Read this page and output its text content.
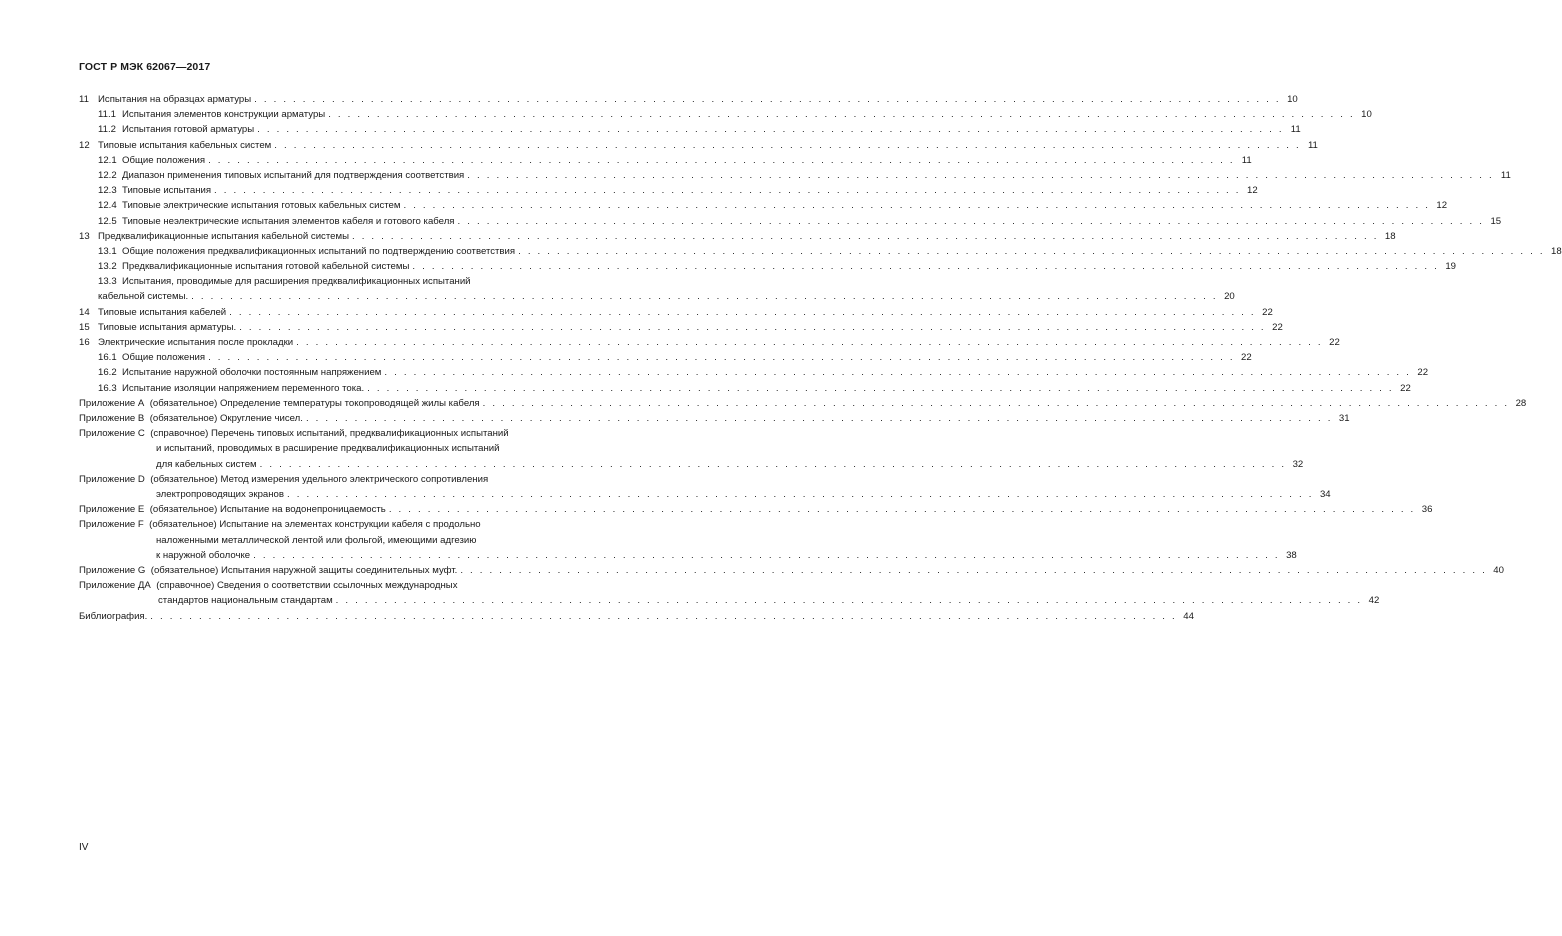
ГОСТ Р МЭК 62067—2017
11 Испытания на образцах арматуры . . . . . . . . . . . . . . . . . . . . . . . . . . . . . . . . . . . . . . . . . . . . . . . . . . . . . . . . . . . . . . . . . . . . . . . . . . . . . . . . . . . . . . . . . . . . . . . . . . . . . . . . . . 10
11.1 Испытания элементов конструкции арматуры . . . . . . . . . . . . . . . . . . . . . . . . . . . . . . . . . . . . . . . . . . . . . . . . . . . . . . . . . . . . . . . . . . . . . . . . . . . . . . . . . . . . . . . . . . . . . . . . . . . . . . . . . . 10
11.2 Испытания готовой арматуры . . . . . . . . . . . . . . . . . . . . . . . . . . . . . . . . . . . . . . . . . . . . . . . . . . . . . . . . . . . . . . . . . . . . . . . . . . . . . . . . . . . . . . . . . . . . . . . . . . . . . . . . . . 11
12 Типовые испытания кабельных систем . . . . . . . . . . . . . . . . . . . . . . . . . . . . . . . . . . . . . . . . . . . . . . . . . . . . . . . . . . . . . . . . . . . . . . . . . . . . . . . . . . . . . . . . . . . . . . . . . . . . . . . . . . 11
12.1 Общие положения . . . . . . . . . . . . . . . . . . . . . . . . . . . . . . . . . . . . . . . . . . . . . . . . . . . . . . . . . . . . . . . . . . . . . . . . . . . . . . . . . . . . . . . . . . . . . . . . . . . . . . . . . . 11
12.2 Диапазон применения типовых испытаний для подтверждения соответствия . . . . . . . . . . . . . . . . . . . . . . . . . . . . . . . . . . . . . . . . . . . . . . . . . . . . . . . . . . . . . . . . . . . . . . . . . . . . . . . . . . . . . . . . . . . . . . . . . . . . . . . . . . 11
12.3 Типовые испытания . . . . . . . . . . . . . . . . . . . . . . . . . . . . . . . . . . . . . . . . . . . . . . . . . . . . . . . . . . . . . . . . . . . . . . . . . . . . . . . . . . . . . . . . . . . . . . . . . . . . . . . . . . 12
12.4 Типовые электрические испытания готовых кабельных систем . . . . . . . . . . . . . . . . . . . . . . . . . . . . . . . . . . . . . . . . . . . . . . . . . . . . . . . . . . . . . . . . . . . . . . . . . . . . . . . . . . . . . . . . . . . . . . . . . . . . . . . . . . 12
12.5 Типовые неэлектрические испытания элементов кабеля и готового кабеля . . . . . . . . . . . . . . . . . . . . . . . . . . . . . . . . . . . . . . . . . . . . . . . . . . . . . . . . . . . . . . . . . . . . . . . . . . . . . . . . . . . . . . . . . . . . . . . . . . . . . . . . . . 15
13 Предквалификационные испытания кабельной системы . . . . . . . . . . . . . . . . . . . . . . . . . . . . . . . . . . . . . . . . . . . . . . . . . . . . . . . . . . . . . . . . . . . . . . . . . . . . . . . . . . . . . . . . . . . . . . . . . . . . . . . . . . 18
13.1 Общие положения предквалификационных испытаний по подтверждению соответствия . . . . . . . . . . . . . . . . . . . . . . . . . . . . . . . . . . . . . . . . . . . . . . . . . . . . . . . . . . . . . . . . . . . . . . . . . . . . . . . . . . . . . . . . . . . . . . . . . . . . . . . . . . 18
13.2 Предквалификационные испытания готовой кабельной системы . . . . . . . . . . . . . . . . . . . . . . . . . . . . . . . . . . . . . . . . . . . . . . . . . . . . . . . . . . . . . . . . . . . . . . . . . . . . . . . . . . . . . . . . . . . . . . . . . . . . . . . . . . 19
13.3 Испытания, проводимые для расширения предквалификационных испытаний
кабельной системы. . . . . . . . . . . . . . . . . . . . . . . . . . . . . . . . . . . . . . . . . . . . . . . . . . . . . . . . . . . . . . . . . . . . . . . . . . . . . . . . . . . . . . . . . . . . . . . . . . . . . . . . . . . 20
14 Типовые испытания кабелей . . . . . . . . . . . . . . . . . . . . . . . . . . . . . . . . . . . . . . . . . . . . . . . . . . . . . . . . . . . . . . . . . . . . . . . . . . . . . . . . . . . . . . . . . . . . . . . . . . . . . . . . . . 22
15 Типовые испытания арматуры. . . . . . . . . . . . . . . . . . . . . . . . . . . . . . . . . . . . . . . . . . . . . . . . . . . . . . . . . . . . . . . . . . . . . . . . . . . . . . . . . . . . . . . . . . . . . . . . . . . . . . . . . . . 22
16 Электрические испытания после прокладки . . . . . . . . . . . . . . . . . . . . . . . . . . . . . . . . . . . . . . . . . . . . . . . . . . . . . . . . . . . . . . . . . . . . . . . . . . . . . . . . . . . . . . . . . . . . . . . . . . . . . . . . . . 22
16.1 Общие положения . . . . . . . . . . . . . . . . . . . . . . . . . . . . . . . . . . . . . . . . . . . . . . . . . . . . . . . . . . . . . . . . . . . . . . . . . . . . . . . . . . . . . . . . . . . . . . . . . . . . . . . . . . 22
16.2 Испытание наружной оболочки постоянным напряжением . . . . . . . . . . . . . . . . . . . . . . . . . . . . . . . . . . . . . . . . . . . . . . . . . . . . . . . . . . . . . . . . . . . . . . . . . . . . . . . . . . . . . . . . . . . . . . . . . . . . . . . . . . 22
16.3 Испытание изоляции напряжением переменного тока. . . . . . . . . . . . . . . . . . . . . . . . . . . . . . . . . . . . . . . . . . . . . . . . . . . . . . . . . . . . . . . . . . . . . . . . . . . . . . . . . . . . . . . . . . . . . . . . . . . . . . . . . . . 22
Приложение A
(обязательное) Определение температуры токопроводящей жилы кабеля . . . . . . . . . . . . . . . . . . . . . . . . . . . . . . . . . . . . . . . . . . . . . . . . . . . . . . . . . . . . . . . . . . . . . . . . . . . . . . . . . . . . . . . . . . . . . . . . . . . . . . . . . . 28
Приложение B
(обязательное) Округление чисел. . . . . . . . . . . . . . . . . . . . . . . . . . . . . . . . . . . . . . . . . . . . . . . . . . . . . . . . . . . . . . . . . . . . . . . . . . . . . . . . . . . . . . . . . . . . . . . . . . . . . . . . . . . 31
Приложение C
(справочное) Перечень типовых испытаний, предквалификационных испытаний
и испытаний, проводимых в расширение предквалификационных испытаний
для кабельных систем . . . . . . . . . . . . . . . . . . . . . . . . . . . . . . . . . . . . . . . . . . . . . . . . . . . . . . . . . . . . . . . . . . . . . . . . . . . . . . . . . . . . . . . . . . . . . . . . . . . . . . . . . . 32
Приложение D
(обязательное) Метод измерения удельного электрического сопротивления
электропроводящих экранов . . . . . . . . . . . . . . . . . . . . . . . . . . . . . . . . . . . . . . . . . . . . . . . . . . . . . . . . . . . . . . . . . . . . . . . . . . . . . . . . . . . . . . . . . . . . . . . . . . . . . . . . . . 34
Приложение E
(обязательное) Испытание на водонепроницаемость . . . . . . . . . . . . . . . . . . . . . . . . . . . . . . . . . . . . . . . . . . . . . . . . . . . . . . . . . . . . . . . . . . . . . . . . . . . . . . . . . . . . . . . . . . . . . . . . . . . . . . . . . . 36
Приложение F
(обязательное) Испытание на элементах конструкции кабеля с продольно
наложенными металлической лентой или фольгой, имеющими адгезию
к наружной оболочке . . . . . . . . . . . . . . . . . . . . . . . . . . . . . . . . . . . . . . . . . . . . . . . . . . . . . . . . . . . . . . . . . . . . . . . . . . . . . . . . . . . . . . . . . . . . . . . . . . . . . . . . . . 38
Приложение G
(обязательное) Испытания наружной защиты соединительных муфт. . . . . . . . . . . . . . . . . . . . . . . . . . . . . . . . . . . . . . . . . . . . . . . . . . . . . . . . . . . . . . . . . . . . . . . . . . . . . . . . . . . . . . . . . . . . . . . . . . . . . . . . . . . 40
Приложение ДА
(справочное) Сведения о соответствии ссылочных международных
стандартов национальным стандартам . . . . . . . . . . . . . . . . . . . . . . . . . . . . . . . . . . . . . . . . . . . . . . . . . . . . . . . . . . . . . . . . . . . . . . . . . . . . . . . . . . . . . . . . . . . . . . . . . . . . . . . . . . 42
Библиография. . . . . . . . . . . . . . . . . . . . . . . . . . . . . . . . . . . . . . . . . . . . . . . . . . . . . . . . . . . . . . . . . . . . . . . . . . . . . . . . . . . . . . . . . . . . . . . . . . . . . . . . . . . 44
IV
